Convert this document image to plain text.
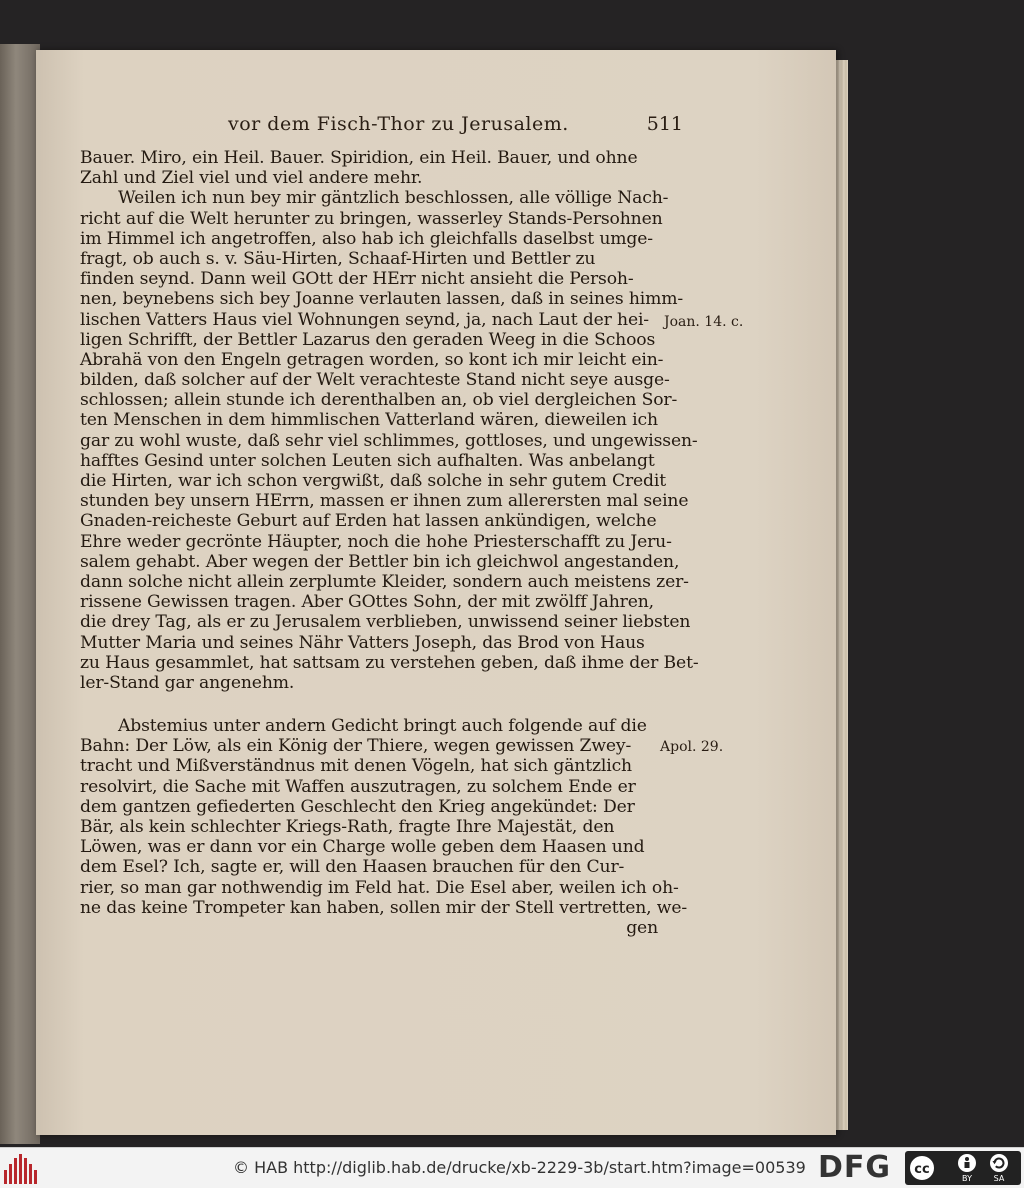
vor dem Fisch-Thor zu Jerusalem.	511
Bauer. Miro, ein Heil. Bauer. Spiridion, ein Heil. Bauer, und ohne
Zahl und Ziel viel und viel andere mehr.
Weilen ich nun bey mir gäntzlich beschlossen, alle völlige Nach-
richt auf die Welt herunter zu bringen, wasserley Stands-Persohnen
im Himmel ich angetroffen, also hab ich gleichfalls daselbst umge-
fragt, ob auch s. v. Säu-Hirten, Schaaf-Hirten und Bettler zu
finden seynd. Dann weil GOtt der HErr nicht ansieht die Persoh-
nen, beynebens sich bey Joanne verlauten lassen, daß in seines himm-
lischen Vatters Haus viel Wohnungen seynd, ja, nach Laut der hei-
ligen Schrifft, der Bettler Lazarus den geraden Weeg in die Schoos
Abrahä von den Engeln getragen worden, so kont ich mir leicht ein-
bilden, daß solcher auf der Welt verachteste Stand nicht seye ausge-
schlossen; allein stunde ich derenthalben an, ob viel dergleichen Sor-
ten Menschen in dem himmlischen Vatterland wären, dieweilen ich
gar zu wohl wuste, daß sehr viel schlimmes, gottloses, und ungewissen-
hafftes Gesind unter solchen Leuten sich aufhalten. Was anbelangt
die Hirten, war ich schon vergwißt, daß solche in sehr gutem Credit
stunden bey unsern HErrn, massen er ihnen zum allerersten mal seine
Gnaden-reicheste Geburt auf Erden hat lassen ankündigen, welche
Ehre weder gecrönte Häupter, noch die hohe Priesterschafft zu Jeru-
salem gehabt. Aber wegen der Bettler bin ich gleichwol angestanden,
dann solche nicht allein zerplumte Kleider, sondern auch meistens zer-
rissene Gewissen tragen. Aber GOttes Sohn, der mit zwölff Jahren,
die drey Tag, als er zu Jerusalem verblieben, unwissend seiner liebsten
Mutter Maria und seines Nähr Vatters Joseph, das Brod von Haus
zu Haus gesammlet, hat sattsam zu verstehen geben, daß ihme der Bet-
ler-Stand gar angenehm.
Abstemius unter andern Gedicht bringt auch folgende auf die
Bahn: Der Löw, als ein König der Thiere, wegen gewissen Zwey-
tracht und Mißverständnus mit denen Vögeln, hat sich gäntzlich
resolvirt, die Sache mit Waffen auszutragen, zu solchem Ende er
dem gantzen gefiederten Geschlecht den Krieg angekündet: Der
Bär, als kein schlechter Kriegs-Rath, fragte Ihre Majestät, den
Löwen, was er dann vor ein Charge wolle geben dem Haasen und
dem Esel? Ich, sagte er, will den Haasen brauchen für den Cur-
rier, so man gar nothwendig im Feld hat. Die Esel aber, weilen ich oh-
ne das keine Trompeter kan haben, sollen mir der Stell vertretten, we-
gen
Joan. 14. c.
Apol. 29.
© HAB http://diglib.hab.de/drucke/xb-2229-3b/start.htm?image=00539 DFG cc
BY	SA
